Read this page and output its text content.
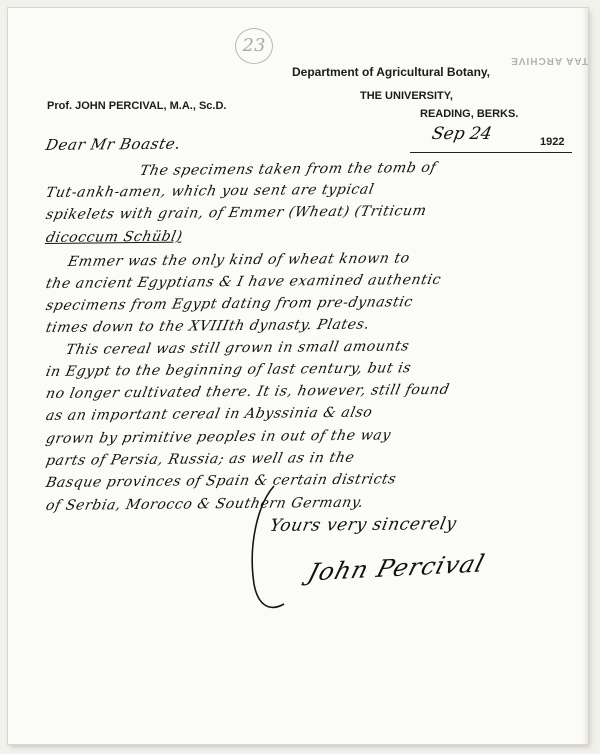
TAA ARCHIVE
23
Department of Agricultural Botany,
THE UNIVERSITY,
READING, BERKS.
Prof. JOHN PERCIVAL, M.A., Sc.D.
Sep 24	1922
Dear Mr Boaste.
The specimens taken from the tomb of
Tut-ankh-amen, which you sent are typical
spikelets with grain, of Emmer (Wheat) (Triticum
dicoccum Schübl)
Emmer was the only kind of wheat known to
the ancient Egyptians & I have examined authentic
specimens from Egypt dating from pre-dynastic
times down to the XVIIIth dynasty. Plates.
This cereal was still grown in small amounts
in Egypt to the beginning of last century, but is
no longer cultivated there. It is, however, still found
as an important cereal in Abyssinia & also
grown by primitive peoples in out of the way
parts of Persia, Russia; as well as in the
Basque provinces of Spain & certain districts
of Serbia, Morocco & Southern Germany.
Yours very sincerely
John Percival
